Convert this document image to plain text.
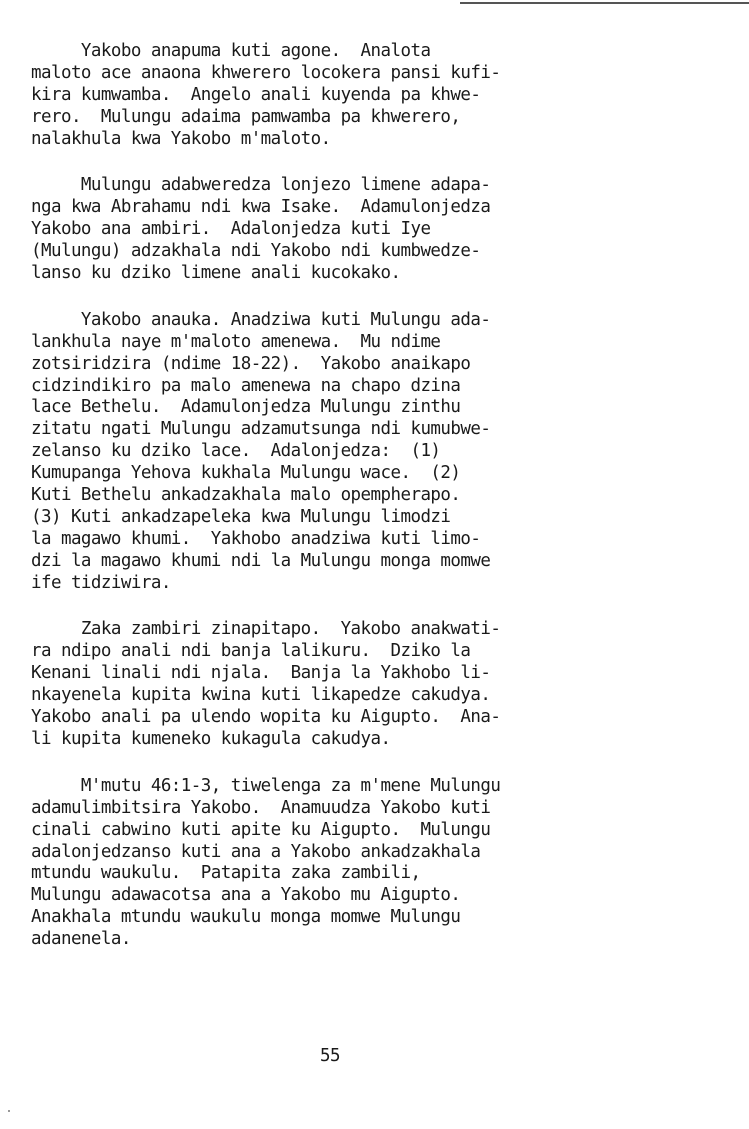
Yakobo anapuma kuti agone.  Analota
maloto ace anaona khwerero locokera pansi kufi-
kira kumwamba.  Angelo anali kuyenda pa khwe-
rero.  Mulungu adaima pamwamba pa khwerero,
nalakhula kwa Yakobo m'maloto.
Mulungu adabweredza lonjezo limene adapa-
nga kwa Abrahamu ndi kwa Isake.  Adamulonjedza
Yakobo ana ambiri.  Adalonjedza kuti Iye
(Mulungu) adzakhala ndi Yakobo ndi kumbwedze-
lanso ku dziko limene anali kucokako.
Yakobo anauka. Anadziwa kuti Mulungu ada-
lankhula naye m'maloto amenewa.  Mu ndime
zotsiridzira (ndime 18-22).  Yakobo anaikapo
cidzindikiro pa malo amenewa na chapo dzina
lace Bethelu.  Adamulonjedza Mulungu zinthu
zitatu ngati Mulungu adzamutsunga ndi kumubwe-
zelanso ku dziko lace.  Adalonjedza:  (1)
Kumupanga Yehova kukhala Mulungu wace.  (2)
Kuti Bethelu ankadzakhala malo opempherapo.
(3) Kuti ankadzapeleka kwa Mulungu limodzi
la magawo khumi.  Yakhobo anadziwa kuti limo-
dzi la magawo khumi ndi la Mulungu monga momwe
ife tidziwira.
Zaka zambiri zinapitapo.  Yakobo anakwati-
ra ndipo anali ndi banja lalikuru.  Dziko la
Kenani linali ndi njala.  Banja la Yakhobo li-
nkayenela kupita kwina kuti likapedze cakudya.
Yakobo anali pa ulendo wopita ku Aigupto.  Ana-
li kupita kumeneko kukagula cakudya.
M'mutu 46:1-3, tiwelenga za m'mene Mulungu
adamulimbitsira Yakobo.  Anamuudza Yakobo kuti
cinali cabwino kuti apite ku Aigupto.  Mulungu
adalonjedzanso kuti ana a Yakobo ankadzakhala
mtundu waukulu.  Patapita zaka zambili,
Mulungu adawacotsa ana a Yakobo mu Aigupto.
Anakhala mtundu waukulu monga momwe Mulungu
adanenela.
55
